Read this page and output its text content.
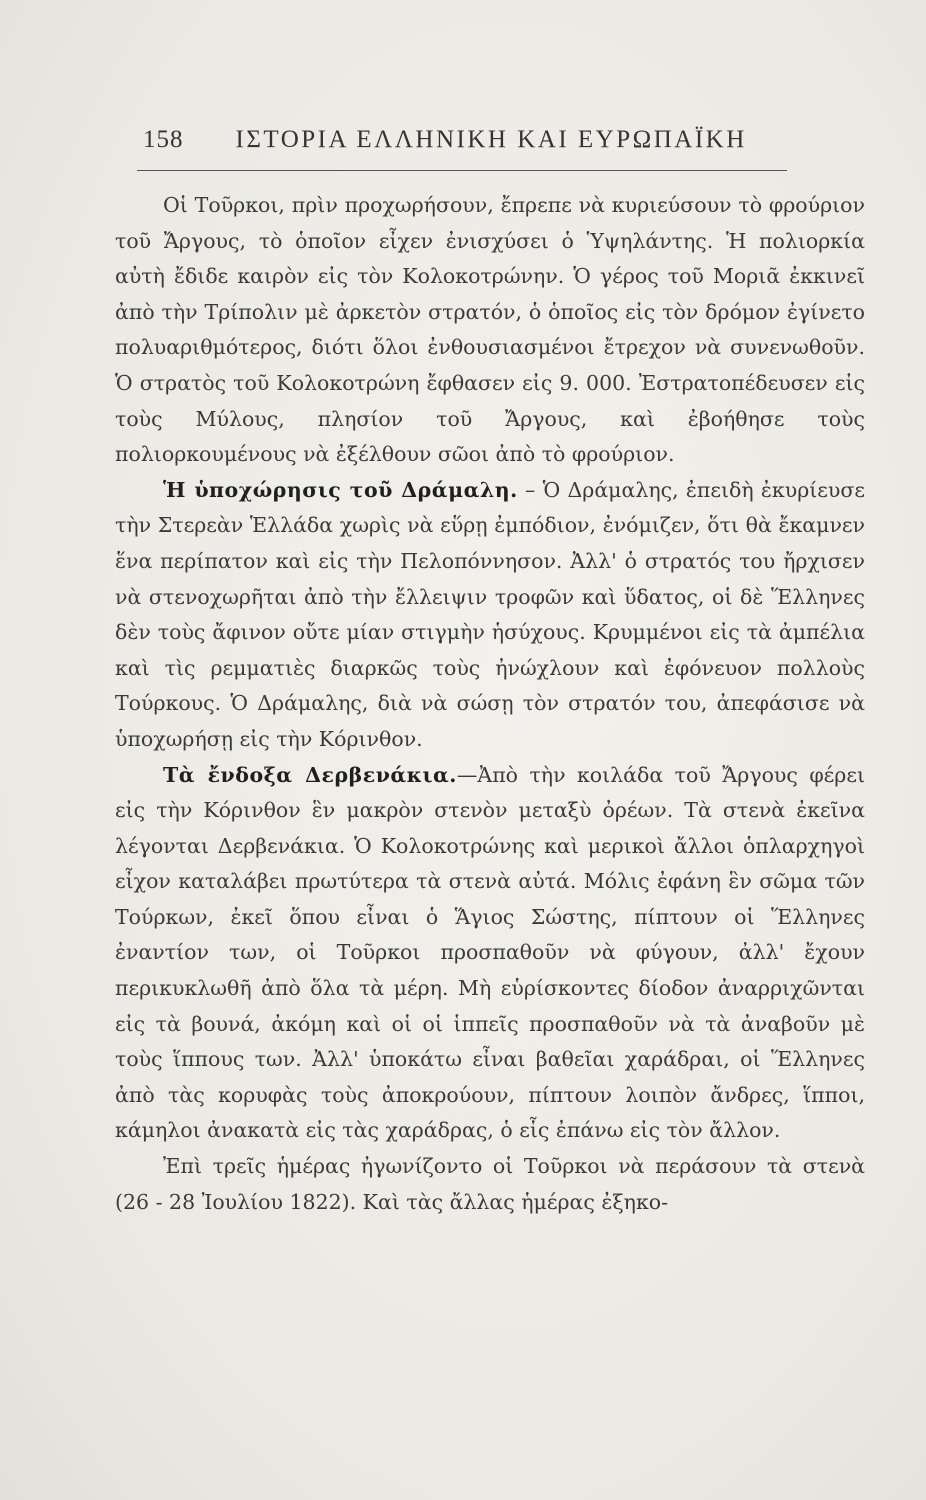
158 ΙΣΤΟΡΙΑ ΕΛΛΗΝΙΚΗ ΚΑΙ ΕΥΡΩΠΑΪΚΗ

Οἱ Τοῦρκοι, πρὶν προχωρήσουν, ἔπρεπε νὰ κυριεύσουν τὸ φρούριον τοῦ Ἄργους, τὸ ὁποῖον εἶχεν ἐνισχύσει ὁ Ὑψηλάντης. Ἡ πολιορκία αὐτὴ ἔδιδε καιρὸν εἰς τὸν Κολοκοτρώνην. Ὁ γέρος τοῦ Μοριᾶ ἐκκινεῖ ἀπὸ τὴν Τρίπολιν μὲ ἀρκετὸν στρατόν, ὁ ὁποῖος εἰς τὸν δρόμον ἐγίνετο πολυαριθμότερος, διότι ὅλοι ἐνθουσιασμένοι ἔτρεχον νὰ συνενωθοῦν. Ὁ στρατὸς τοῦ Κολοκοτρώνη ἔφθασεν εἰς 9. 000. Ἐστρατοπέδευσεν εἰς τοὺς Μύλους, πλησίον τοῦ Ἄργους, καὶ ἐβοήθησε τοὺς πολιορκουμένους νὰ ἐξέλθουν σῶοι ἀπὸ τὸ φρούριον.

Ἡ ὑποχώρησις τοῦ Δράμαλη. – Ὁ Δράμαλης, ἐπειδὴ ἐκυρίευσε τὴν Στερεὰν Ἑλλάδα χωρὶς νὰ εὕρῃ ἐμπόδιον, ἐνόμιζεν, ὅτι θὰ ἔκαμνεν ἕνα περίπατον καὶ εἰς τὴν Πελοπόννησον. Ἀλλ' ὁ στρατός του ἤρχισεν νὰ στενοχωρῆται ἀπὸ τὴν ἔλλειψιν τροφῶν καὶ ὕδατος, οἱ δὲ Ἕλληνες δὲν τοὺς ἄφινον οὔτε μίαν στιγμὴν ἡσύχους. Κρυμμένοι εἰς τὰ ἀμπέλια καὶ τὶς ρεμματιὲς διαρκῶς τοὺς ἠνώχλουν καὶ ἐφόνευον πολλοὺς Τούρκους. Ὁ Δράμαλης, διὰ νὰ σώσῃ τὸν στρατόν του, ἀπεφάσισε νὰ ὑποχωρήσῃ εἰς τὴν Κόρινθον.

Τὰ ἔνδοξα Δερβενάκια.—Ἀπὸ τὴν κοιλάδα τοῦ Ἄργους φέρει εἰς τὴν Κόρινθον ἓν μακρὸν στενὸν μεταξὺ ὀρέων. Τὰ στενὰ ἐκεῖνα λέγονται Δερβενάκια. Ὁ Κολοκοτρώνης καὶ μερικοὶ ἄλλοι ὁπλαρχηγοὶ εἶχον καταλάβει πρωτύτερα τὰ στενὰ αὐτά. Μόλις ἐφάνη ἓν σῶμα τῶν Τούρκων, ἐκεῖ ὅπου εἶναι ὁ Ἅγιος Σώστης, πίπτουν οἱ Ἕλληνες ἐναντίον των, οἱ Τοῦρκοι προσπαθοῦν νὰ φύγουν, ἀλλ' ἔχουν περικυκλωθῆ ἀπὸ ὅλα τὰ μέρη. Μὴ εὑρίσκοντες δίοδον ἀναρριχῶνται εἰς τὰ βουνά, ἀκόμη καὶ οἱ οἱ ἱππεῖς προσπαθοῦν νὰ τὰ ἀναβοῦν μὲ τοὺς ἵππους των. Ἀλλ' ὑποκάτω εἶναι βαθεῖαι χαράδραι, οἱ Ἕλληνες ἀπὸ τὰς κορυφὰς τοὺς ἀποκρούουν, πίπτουν λοιπὸν ἄνδρες, ἵπποι, κάμηλοι ἀνακατὰ εἰς τὰς χαράδρας, ὁ εἷς ἐπάνω εἰς τὸν ἄλλον.

Ἐπὶ τρεῖς ἡμέρας ἠγωνίζοντο οἱ Τοῦρκοι νὰ περάσουν τὰ στενὰ (26 - 28 Ἰουλίου 1822). Καὶ τὰς ἄλλας ἡμέρας ἐξηκο-
